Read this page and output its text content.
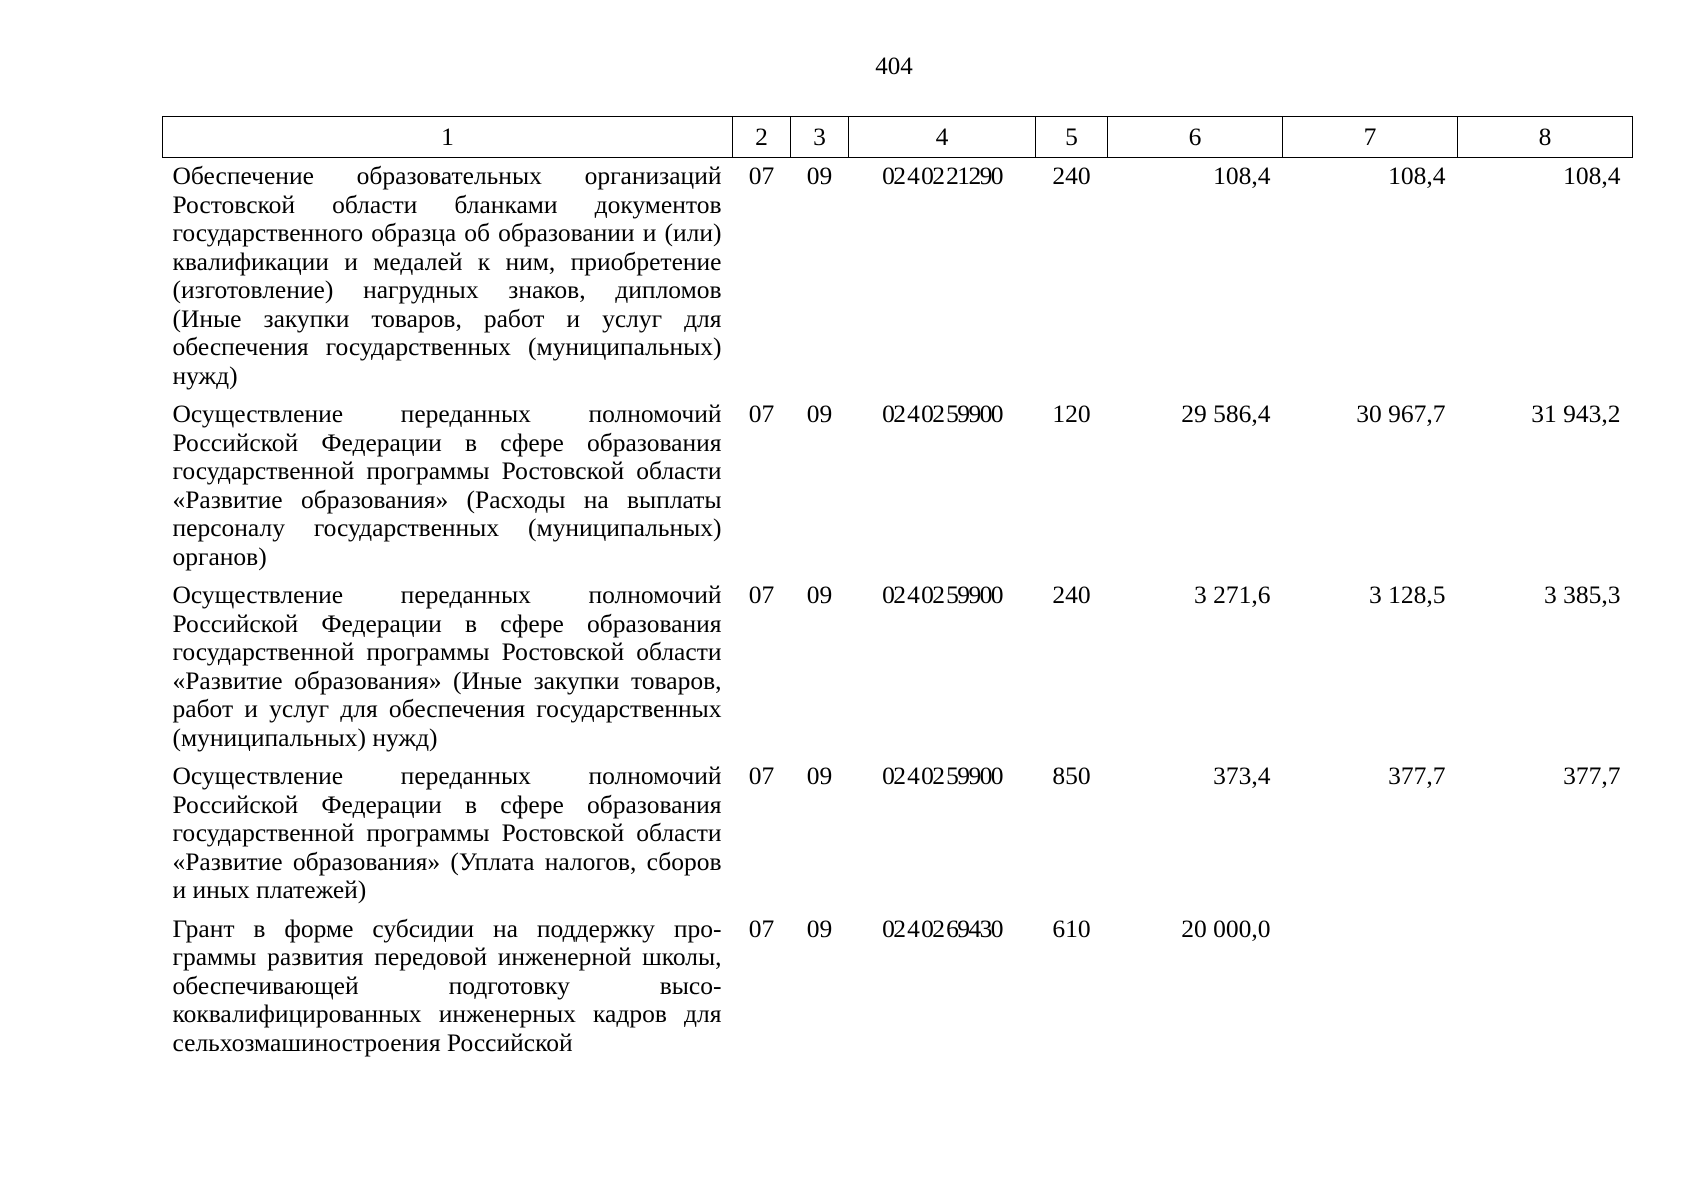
404
1	2	3	4	5	6	7	8
Обеспечение образовательных организаций Ростовской области бланками документов государственного образца об образовании и (или) квалификации и медалей к ним, приобретение (изготовление) нагрудных знаков, дипломов (Иные закупки товаров, работ и услуг для обеспечения государственных (муниципальных) нужд)	07	09	02 4 02 21290	240	108,4	108,4	108,4
Осуществление переданных полномочий Российской Федерации в сфере образования государственной программы Ростовской области «Развитие образования» (Расходы на выплаты персоналу государственных (муниципальных) органов)	07	09	02 4 02 59900	120	29 586,4	30 967,7	31 943,2
Осуществление переданных полномочий Российской Федерации в сфере образования государственной программы Ростовской области «Развитие образования» (Иные закупки товаров, работ и услуг для обеспечения государственных (муниципальных) нужд)	07	09	02 4 02 59900	240	3 271,6	3 128,5	3 385,3
Осуществление переданных полномочий Российской Федерации в сфере образования государственной программы Ростовской области «Развитие образования» (Уплата налогов, сборов и иных платежей)	07	09	02 4 02 59900	850	373,4	377,7	377,7
Грант в форме субсидии на поддержку программы развития передовой инженерной школы, обеспечивающей подготовку высококвалифицированных инженерных кадров для сельхозмашиностроения Российской	07	09	02 4 02 69430	610	20 000,0		
